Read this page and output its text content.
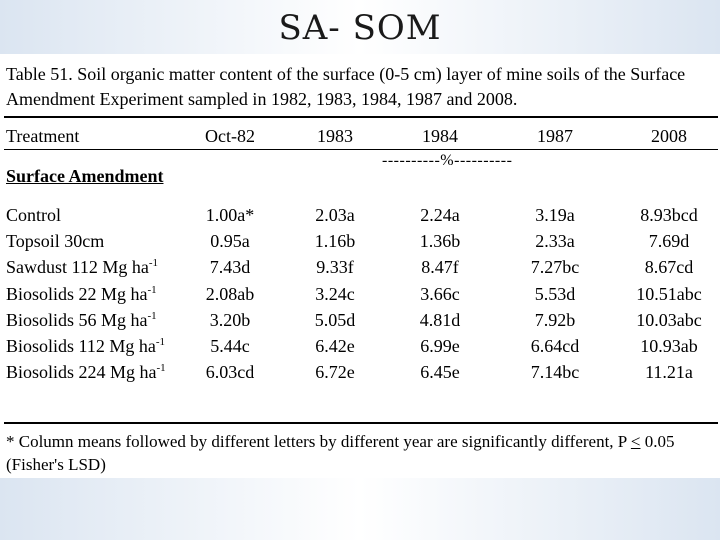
SA- SOM
Table 51. Soil organic matter content of the surface (0-5 cm) layer of mine soils of the Surface Amendment Experiment sampled in 1982, 1983, 1984, 1987 and 2008.
Treatment	Oct-82	1983	1984	1987	2008
----------%----------
Surface Amendment
Control	1.00a*	2.03a	2.24a	3.19a	8.93bcd
Topsoil 30cm	0.95a	1.16b	1.36b	2.33a	7.69d
Sawdust 112 Mg $ha^{-1}$	7.43d	9.33f	8.47f	7.27bc	8.67cd
Biosolids 22 Mg $ha^{-1}$	2.08ab	3.24c	3.66c	5.53d	10.51abc
Biosolids 56 Mg $ha^{-1}$	3.20b	5.05d	4.81d	7.92b	10.03abc
Biosolids 112 Mg $ha^{-1}$	5.44c	6.42e	6.99e	6.64cd	10.93ab
Biosolids 224 Mg $ha^{-1}$	6.03cd	6.72e	6.45e	7.14bc	11.21a
* Column means followed by different letters by different year are significantly different, P < 0.05 (Fisher's LSD)
